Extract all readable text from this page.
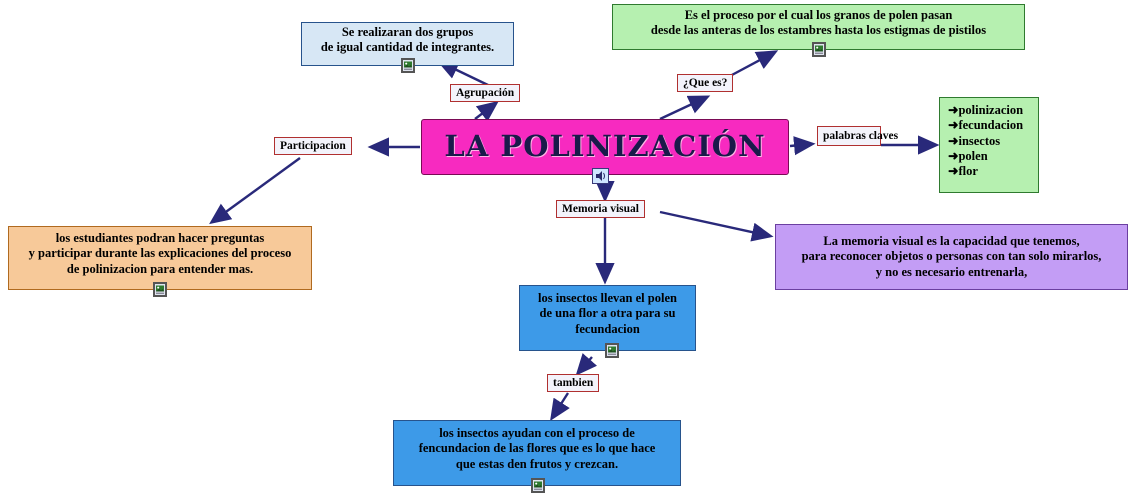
LA POLINIZACIÓN
Agrupación
¿Que es?
Participacion
palabras claves
Memoria visual
tambien
Se realizaran dos grupos
de igual cantidad de integrantes.
Es el proceso por el cual los granos de polen pasan
desde las anteras de los estambres hasta los estigmas de pistilos
➜polinizacion
➜fecundacion
➜insectos
➜polen
➜flor
los estudiantes podran hacer preguntas
y participar durante las explicaciones del proceso
de polinizacion para entender mas.
La memoria visual es la capacidad que tenemos,
para reconocer objetos o personas con tan solo mirarlos,
y no es necesario entrenarla,
los insectos llevan el polen
de una flor a otra para su
fecundacion
los insectos ayudan con el proceso de
fencundacion de las flores que es lo que hace
que estas den frutos y crezcan.
